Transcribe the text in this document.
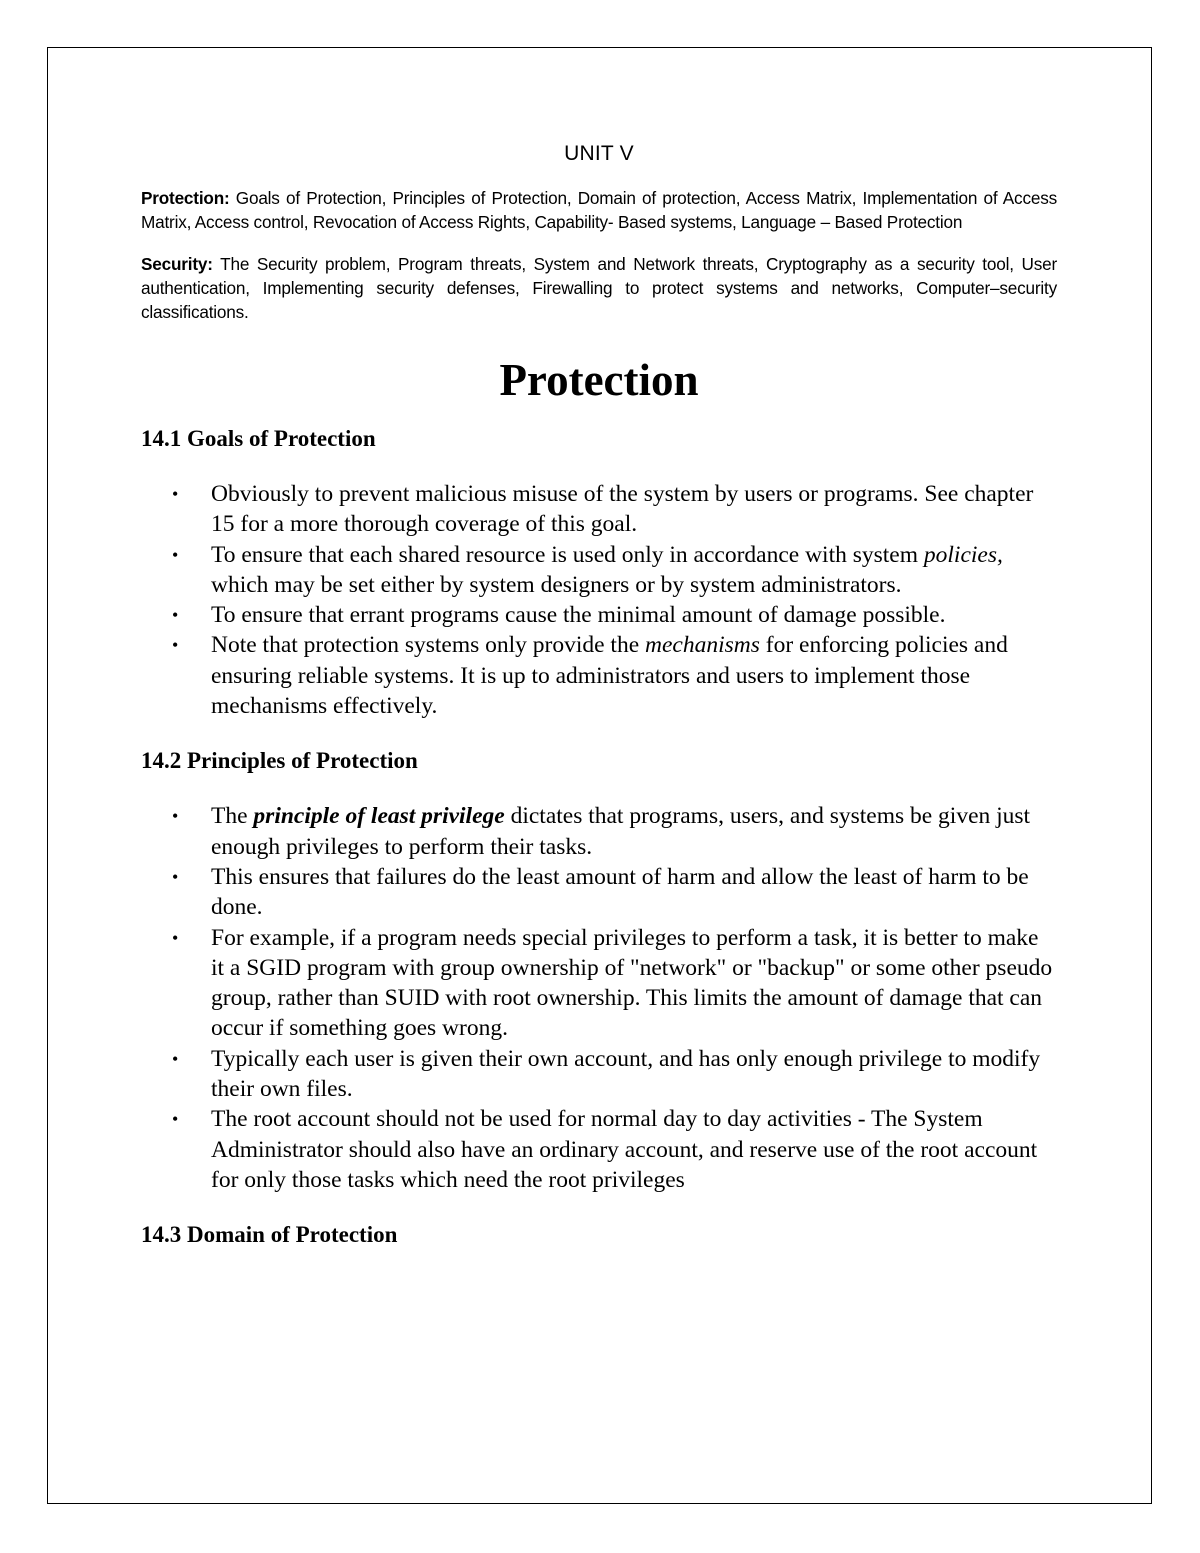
UNIT V

Protection: Goals of Protection, Principles of Protection, Domain of protection, Access Matrix, Implementation of Access Matrix, Access control, Revocation of Access Rights, Capability- Based systems, Language – Based Protection

Security: The Security problem, Program threats, System and Network threats, Cryptography as a security tool, User authentication, Implementing security defenses, Firewalling to protect systems and networks, Computer–security classifications.

Protection
14.1 Goals of Protection
• Obviously to prevent malicious misuse of the system by users or programs. See chapter 15 for a more thorough coverage of this goal.
• To ensure that each shared resource is used only in accordance with system policies, which may be set either by system designers or by system administrators.
• To ensure that errant programs cause the minimal amount of damage possible.
• Note that protection systems only provide the mechanisms for enforcing policies and ensuring reliable systems. It is up to administrators and users to implement those mechanisms effectively.
14.2 Principles of Protection
• The principle of least privilege dictates that programs, users, and systems be given just enough privileges to perform their tasks.
• This ensures that failures do the least amount of harm and allow the least of harm to be done.
• For example, if a program needs special privileges to perform a task, it is better to make it a SGID program with group ownership of "network" or "backup" or some other pseudo group, rather than SUID with root ownership. This limits the amount of damage that can occur if something goes wrong.
• Typically each user is given their own account, and has only enough privilege to modify their own files.
• The root account should not be used for normal day to day activities - The System Administrator should also have an ordinary account, and reserve use of the root account for only those tasks which need the root privileges
14.3 Domain of Protection
